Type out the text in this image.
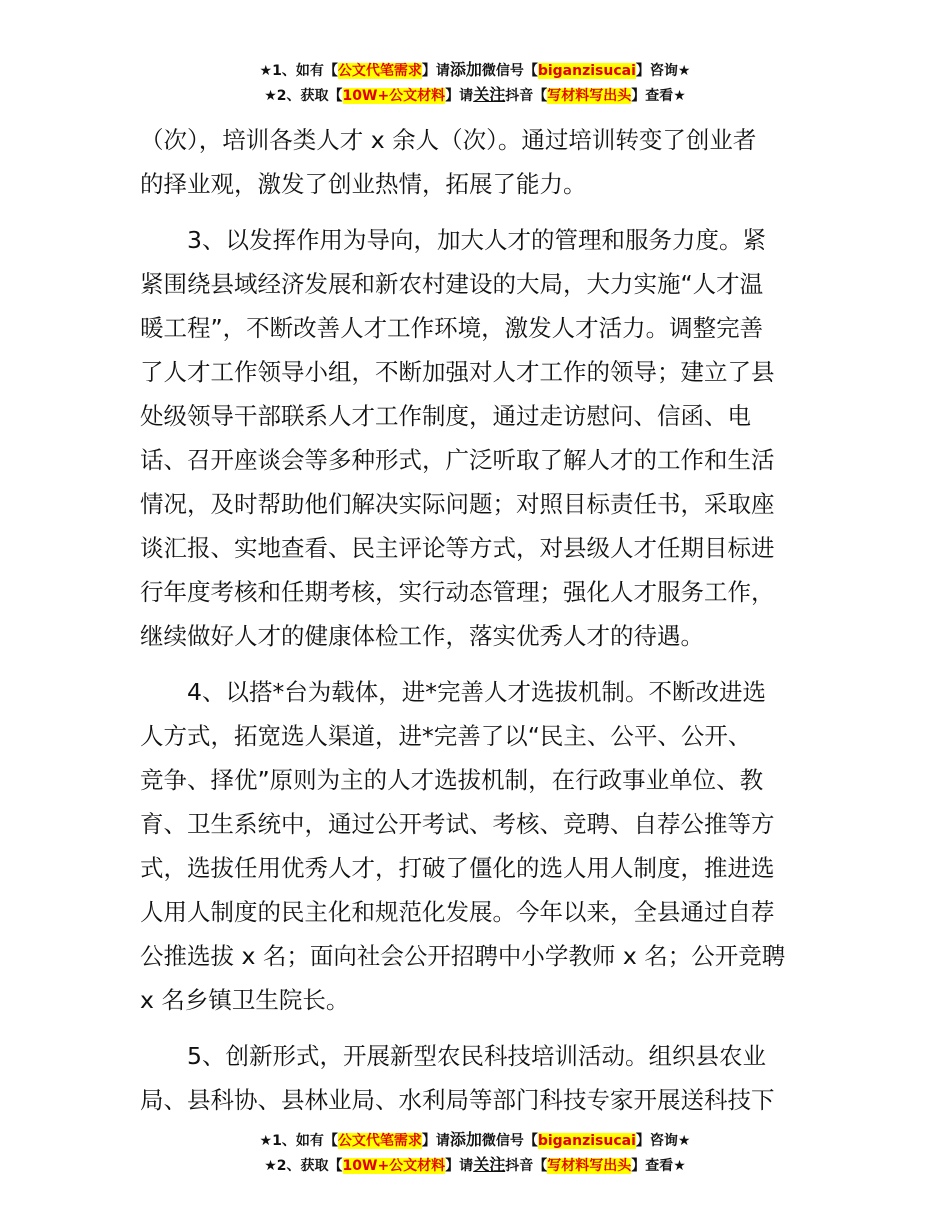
★1、如有【公文代笔需求】请添加微信号【biganzisucai】咨询★
★2、获取【10W+公文材料】请关注抖音【写材料写出头】查看★
（次），培训各类人才 x 余人（次）。通过培训转变了创业者
的择业观，激发了创业热情，拓展了能力。
　　3、以发挥作用为导向，加大人才的管理和服务力度。紧
紧围绕县域经济发展和新农村建设的大局，大力实施“人才温
暖工程”，不断改善人才工作环境，激发人才活力。调整完善
了人才工作领导小组，不断加强对人才工作的领导；建立了县
处级领导干部联系人才工作制度，通过走访慰问、信函、电
话、召开座谈会等多种形式，广泛听取了解人才的工作和生活
情况，及时帮助他们解决实际问题；对照目标责任书，采取座
谈汇报、实地查看、民主评论等方式，对县级人才任期目标进
行年度考核和任期考核，实行动态管理；强化人才服务工作，
继续做好人才的健康体检工作，落实优秀人才的待遇。
　　4、以搭*台为载体，进*完善人才选拔机制。不断改进选
人方式，拓宽选人渠道，进*完善了以“民主、公平、公开、
竞争、择优”原则为主的人才选拔机制，在行政事业单位、教
育、卫生系统中，通过公开考试、考核、竞聘、自荐公推等方
式，选拔任用优秀人才，打破了僵化的选人用人制度，推进选
人用人制度的民主化和规范化发展。今年以来，全县通过自荐
公推选拔 x 名；面向社会公开招聘中小学教师 x 名；公开竞聘
x 名乡镇卫生院长。
　　5、创新形式，开展新型农民科技培训活动。组织县农业
局、县科协、县林业局、水利局等部门科技专家开展送科技下
★1、如有【公文代笔需求】请添加微信号【biganzisucai】咨询★
★2、获取【10W+公文材料】请关注抖音【写材料写出头】查看★
